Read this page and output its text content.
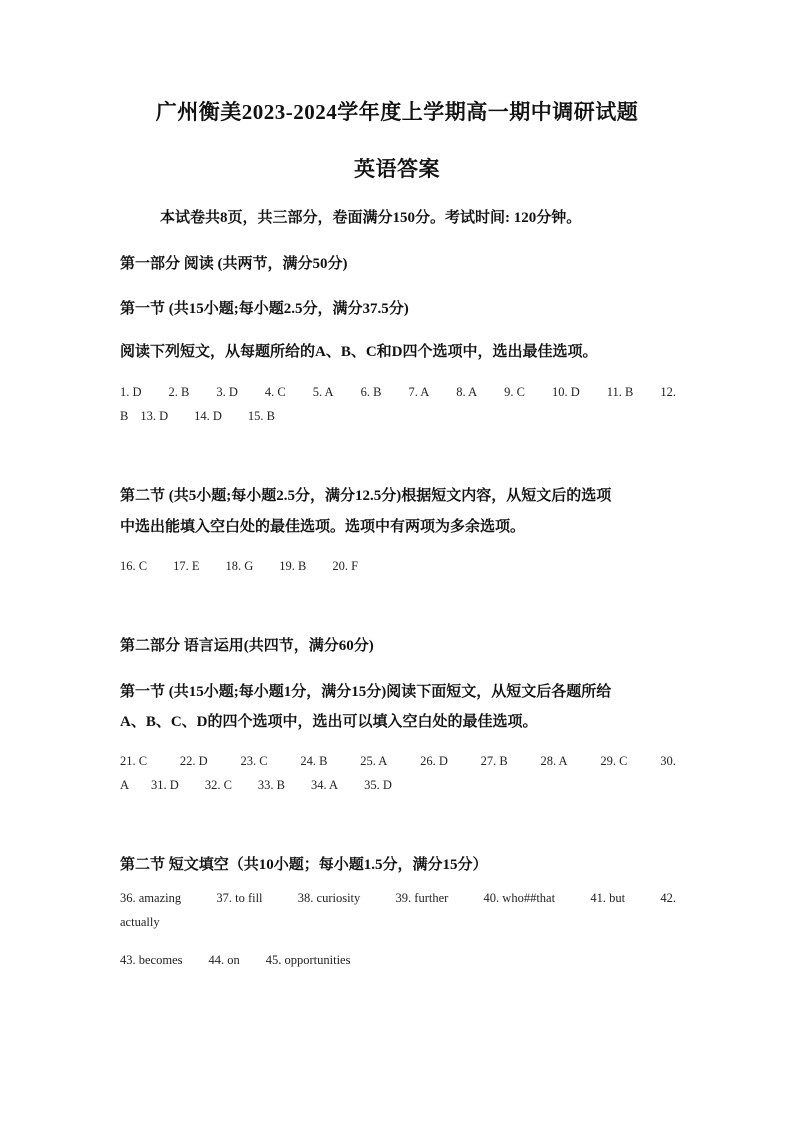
广州衡美2023-2024学年度上学期高一期中调研试题
英语答案
本试卷共8页，共三部分，卷面满分150分。考试时间: 120分钟。
第一部分 阅读 (共两节，满分50分)
第一节 (共15小题;每小题2.5分，满分37.5分)
阅读下列短文，从每题所给的A、B、C和D四个选项中，选出最佳选项。
1. D 2. B 3. D 4. C 5. A 6. B 7. A 8. A 9. C 10. D 11. B 12.
B 13. D 14. D 15. B
第二节 (共5小题;每小题2.5分，满分12.5分)根据短文内容，从短文后的选项
中选出能填入空白处的最佳选项。选项中有两项为多余选项。
16. C 17. E 18. G 19. B 20. F
第二部分 语言运用(共四节，满分60分)
第一节 (共15小题;每小题1分，满分15分)阅读下面短文，从短文后各题所给
A、B、C、D的四个选项中，选出可以填入空白处的最佳选项。
21. C	22. D	23. C	24. B	25. A	26. D	27. B	28. A	29. C	30.
A 31. D 32. C 33. B 34. A 35. D
第二节 短文填空（共10小题；每小题1.5分，满分15分）
36. amazing	37. to fill	38. curiosity	39. further	40. who##that	41. but	42.
actually
43. becomes 44. on 45. opportunities
